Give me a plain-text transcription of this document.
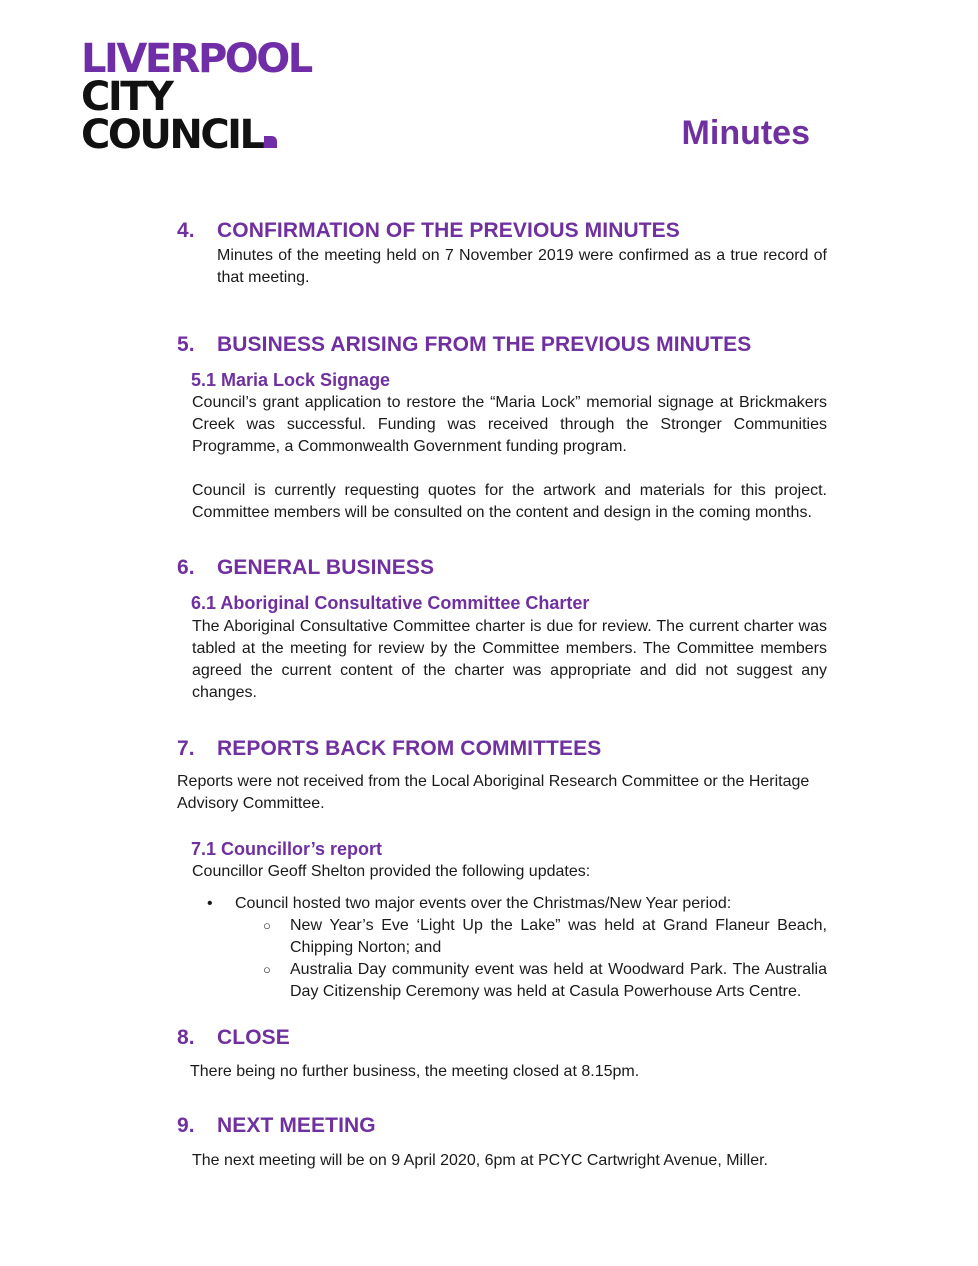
LIVERPOOL
CITY
COUNCIL	Minutes
4. CONFIRMATION OF THE PREVIOUS MINUTES

Minutes of the meeting held on 7 November 2019 were confirmed as a true record of that meeting.

5. BUSINESS ARISING FROM THE PREVIOUS MINUTES
5.1 Maria Lock Signage

Council’s grant application to restore the “Maria Lock” memorial signage at Brickmakers Creek was successful. Funding was received through the Stronger Communities Programme, a Commonwealth Government funding program.

Council is currently requesting quotes for the artwork and materials for this project. Committee members will be consulted on the content and design in the coming months.

6. GENERAL BUSINESS
6.1 Aboriginal Consultative Committee Charter

The Aboriginal Consultative Committee charter is due for review. The current charter was tabled at the meeting for review by the Committee members. The Committee members agreed the current content of the charter was appropriate and did not suggest any changes.

7. REPORTS BACK FROM COMMITTEES

Reports were not received from the Local Aboriginal Research Committee or the Heritage Advisory Committee.

7.1 Councillor’s report

Councillor Geoff Shelton provided the following updates:

• Council hosted two major events over the Christmas/New Year period:
○ New Year’s Eve ‘Light Up the Lake” was held at Grand Flaneur Beach, Chipping Norton; and
○ Australia Day community event was held at Woodward Park. The Australia Day Citizenship Ceremony was held at Casula Powerhouse Arts Centre.
8. CLOSE

There being no further business, the meeting closed at 8.15pm.

9. NEXT MEETING

The next meeting will be on 9 April 2020, 6pm at PCYC Cartwright Avenue, Miller.
